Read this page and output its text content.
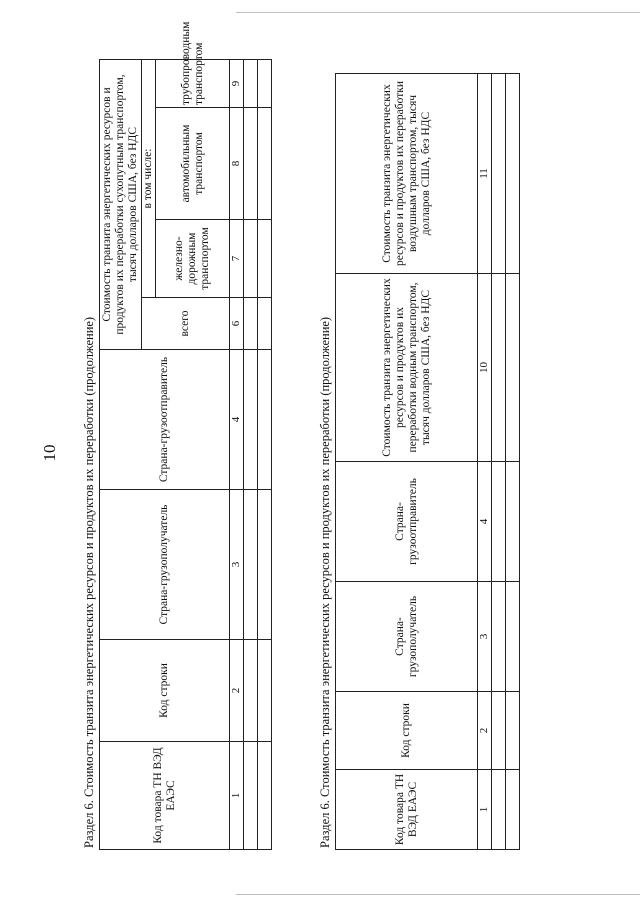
10 Раздел 6. Стоимость транзита энергетических ресурсов и продуктов их переработки (продолжение)	Код товара ТН ВЭД ЕАЭС	Код строки	Страна-грузополучатель	Страна-грузоотправитель	Стоимость транзита энергетических ресурсов и продуктов их переработки сухопутным транспортом, тысяч долларов США, без НДС			
				всего	в том числе:		
					железно-дорожным транспортом	автомобильным транспортом	трубопроводным транспортом
1	2	3	4	6	7	8	9

Раздел 6. Стоимость транзита энергетических ресурсов и продуктов их переработки (продолжение)	Код товара ТН ВЭД ЕАЭС	Код строки	Страна-грузополучатель	Страна-грузоотправитель	Стоимость транзита энергетических ресурсов и продуктов их переработки водным транспортом, тысяч долларов США, без НДС	Стоимость транзита энергетических ресурсов и продуктов их переработки воздушным транспортом, тысяч долларов США, без НДС
1	2	3	4	10	11
